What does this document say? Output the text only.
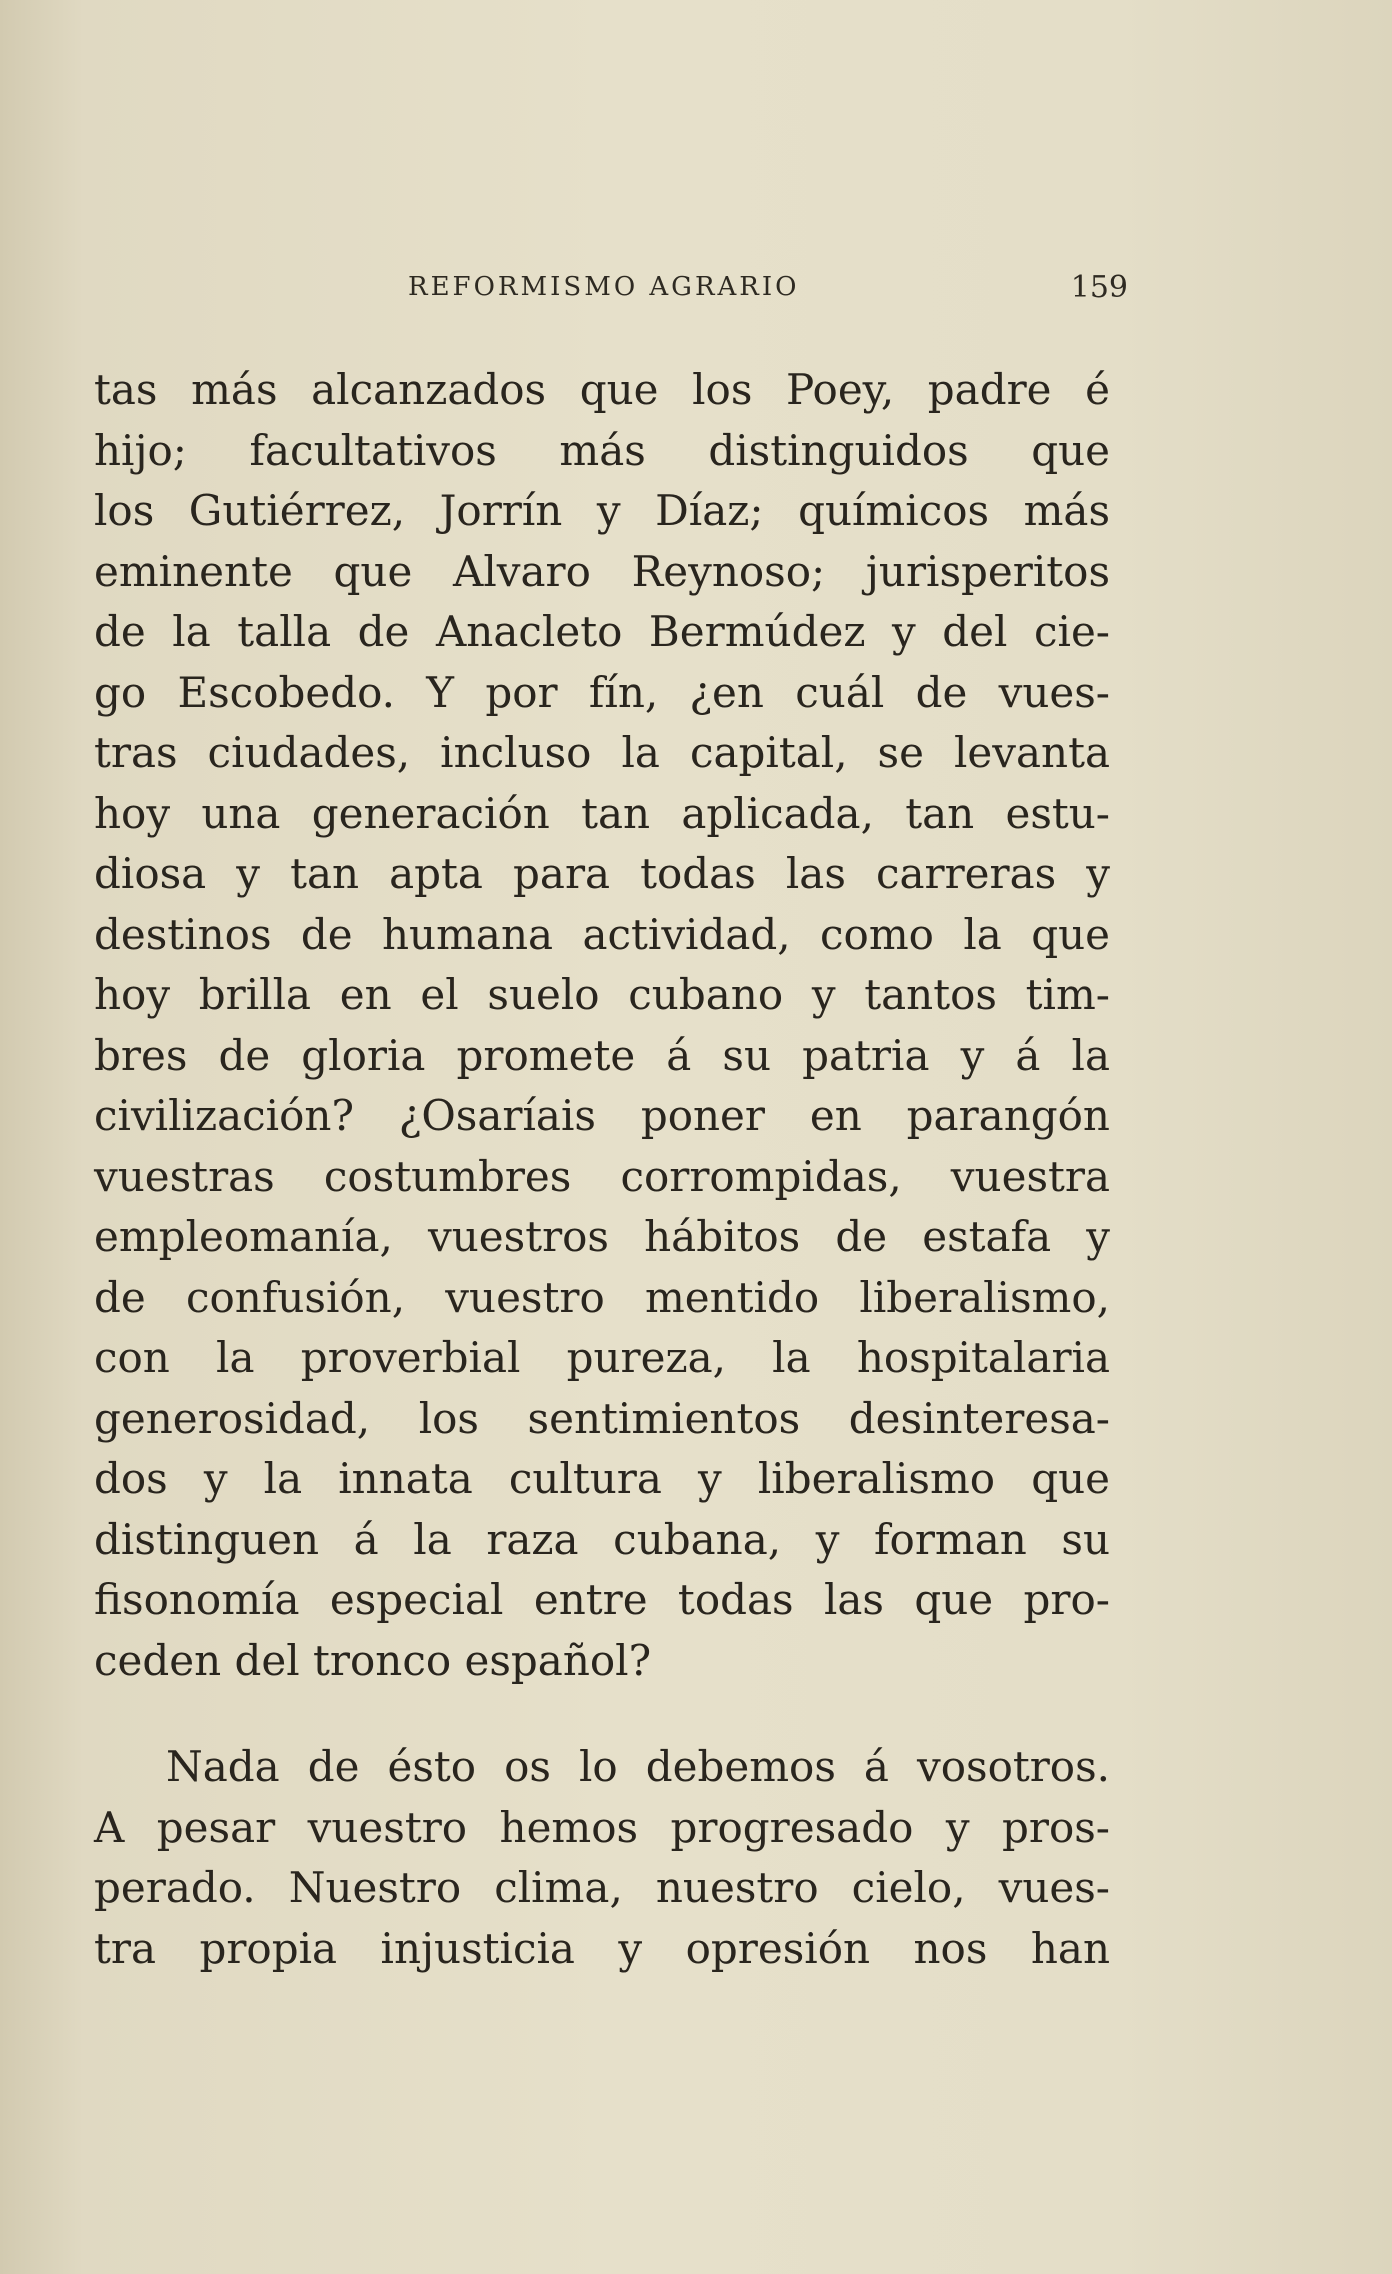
REFORMISMO AGRARIO	159
tas más alcanzados que los Poey, padre é
hijo; facultativos más distinguidos que
los Gutiérrez, Jorrín y Díaz; químicos más
eminente que Alvaro Reynoso; jurisperitos
de la talla de Anacleto Bermúdez y del cie-
go Escobedo. Y por fín, ¿en cuál de vues-
tras ciudades, incluso la capital, se levanta
hoy una generación tan aplicada, tan estu-
diosa y tan apta para todas las carreras y
destinos de humana actividad, como la que
hoy brilla en el suelo cubano y tantos tim-
bres de gloria promete á su patria y á la
civilización? ¿Osaríais poner en parangón
vuestras costumbres corrompidas, vuestra
empleomanía, vuestros hábitos de estafa y
de confusión, vuestro mentido liberalismo,
con la proverbial pureza, la hospitalaria
generosidad, los sentimientos desinteresa-
dos y la innata cultura y liberalismo que
distinguen á la raza cubana, y forman su
fisonomía especial entre todas las que pro-
ceden del tronco español?
Nada de ésto os lo debemos á vosotros.
A pesar vuestro hemos progresado y pros-
perado. Nuestro clima, nuestro cielo, vues-
tra propia injusticia y opresión nos han
